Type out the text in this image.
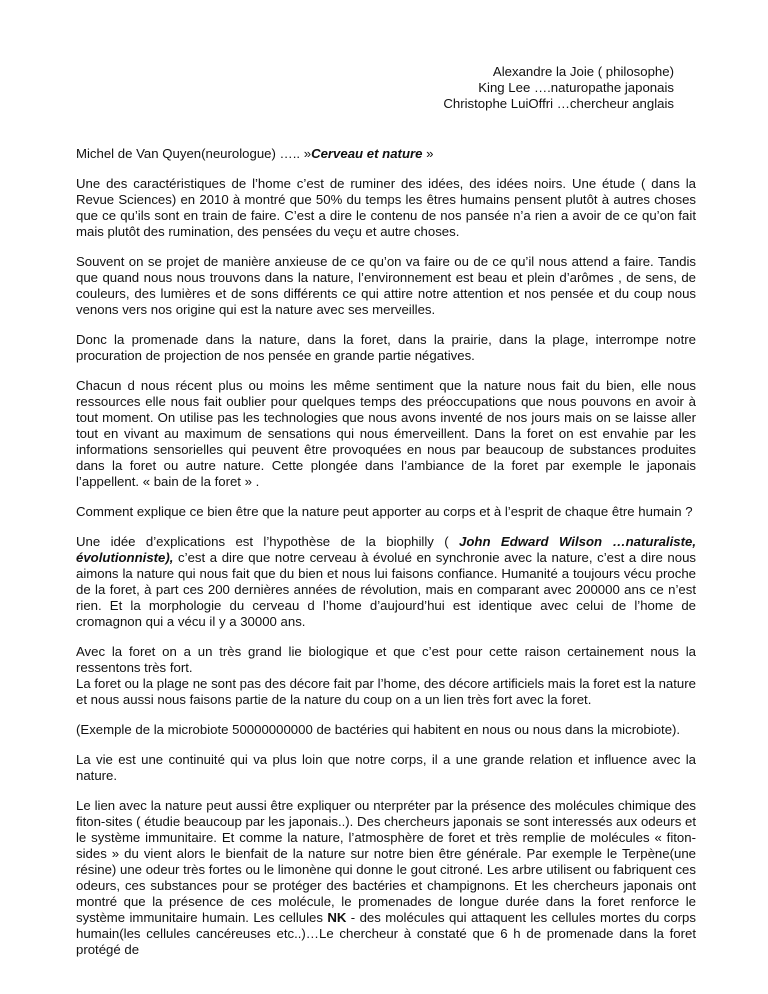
Alexandre la Joie ( philosophe)
King Lee ….naturopathe japonais
Christophe LuiOffri …chercheur anglais
Michel de Van Quyen(neurologue) ….. »Cerveau et nature »

Une des caractéristiques de l’home c’est de ruminer des idées, des idées noirs. Une étude ( dans la Revue Sciences) en 2010 à montré que 50% du temps les êtres humains pensent plutôt à autres choses que ce qu’ils sont en train de faire. C’est a dire le contenu de nos pansée n’a rien a avoir de ce qu’on fait mais plutôt des rumination, des pensées du veçu et autre choses.

Souvent on se projet de manière anxieuse de ce qu’on va faire ou de ce qu’il nous attend a faire. Tandis que quand nous nous trouvons dans la nature, l’environnement est beau et plein d’arômes , de sens, de couleurs, des lumières et de sons différents ce qui attire notre attention et nos pensée et du coup nous venons vers nos origine qui est la nature avec ses merveilles.

Donc la promenade dans la nature, dans la foret, dans la prairie, dans la plage, interrompe notre procuration de projection de nos pensée en grande partie négatives.

Chacun d nous récent plus ou moins les même sentiment que la nature nous fait du bien, elle nous ressources elle nous fait oublier pour quelques temps des préoccupations que nous pouvons en avoir à tout moment. On utilise pas les technologies que nous avons inventé de nos jours mais on se laisse aller tout en vivant au maximum de sensations qui nous émerveillent. Dans la foret on est envahie par les informations sensorielles qui peuvent être provoquées en nous par beaucoup de substances produites dans la foret ou autre nature. Cette plongée dans l’ambiance de la foret par exemple le japonais l’appellent. « bain de la foret » .

Comment explique ce bien être que la nature peut apporter au corps et à l’esprit de chaque être humain ?

Une idée d’explications est l’hypothèse de la biophilly ( John Edward Wilson …naturaliste, évolutionniste), c’est a dire que notre cerveau à évolué en synchronie avec la nature, c’est a dire nous aimons la nature qui nous fait que du bien et nous lui faisons confiance. Humanité a toujours vécu proche de la foret, à part ces 200 dernières années de révolution, mais en comparant avec 200000 ans ce n’est rien. Et la morphologie du cerveau d l’home d’aujourd’hui est identique avec celui de l’home de cromagnon qui a vécu il y a 30000 ans.

Avec la foret on a un très grand lie biologique et que c’est pour cette raison certainement nous la ressentons très fort.
La foret ou la plage ne sont pas des décore fait par l’home, des décore artificiels mais la foret est la nature et nous aussi nous faisons partie de la nature du coup on a un lien très fort avec la foret.

(Exemple de la microbiote 50000000000 de bactéries qui habitent en nous ou nous dans la microbiote).

La vie est une continuité qui va plus loin que notre corps, il a une grande relation et influence avec la nature.

Le lien avec la nature peut aussi être expliquer ou nterpréter par la présence des molécules chimique des fiton-sites ( étudie beaucoup par les japonais..). Des chercheurs japonais se sont interessés aux odeurs et le système immunitaire. Et comme la nature, l’atmosphère de foret et très remplie de molécules « fiton-sides » du vient alors le bienfait de la nature sur notre bien être générale. Par exemple le Terpène(une résine) une odeur très fortes ou le limonène qui donne le gout citroné. Les arbre utilisent ou fabriquent ces odeurs, ces substances pour se protéger des bactéries et champignons. Et les chercheurs japonais ont montré que la présence de ces molécule, le promenades de longue durée dans la foret renforce le système immunitaire humain. Les cellules NK - des molécules qui attaquent les cellules mortes du corps humain(les cellules cancéreuses etc..)…Le chercheur à constaté que 6 h de promenade dans la foret protégé de
